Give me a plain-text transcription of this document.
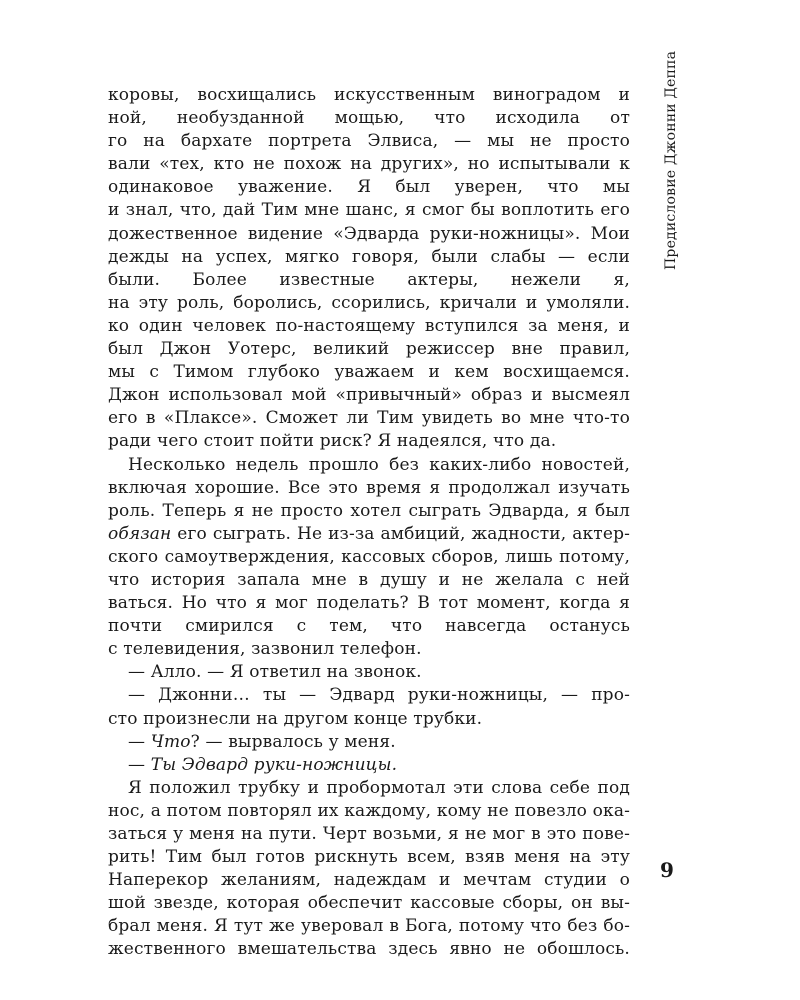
коровы, восхищались искусственным виноградом и
ной, необузданной мощью, что исходила от
го на бархате портрета Элвиса, — мы не просто
вали «тех, кто не похож на других», но испытывали к
одинаковое уважение. Я был уверен, что мы
и знал, что, дай Тим мне шанс, я смог бы воплотить его
дожественное видение «Эдварда руки-ножницы». Мои
дежды на успех, мягко говоря, были слабы — если
были. Более известные актеры, нежели я,
на эту роль, боролись, ссорились, кричали и умоляли.
ко один человек по-настоящему вступился за меня, и
был Джон Уотерс, великий режиссер вне правил,
мы с Тимом глубоко уважаем и кем восхищаемся.
Джон использовал мой «привычный» образ и высмеял
его в «Плаксе». Сможет ли Тим увидеть во мне что-то
ради чего стоит пойти риск? Я надеялся, что да.
Несколько недель прошло без каких-либо новостей,
включая хорошие. Все это время я продолжал изучать
роль. Теперь я не просто хотел сыграть Эдварда, я был
обязан его сыграть. Не из-за амбиций, жадности, актер-
ского самоутверждения, кассовых сборов, лишь потому,
что история запала мне в душу и не желала с ней
ваться. Но что я мог поделать? В тот момент, когда я
почти смирился с тем, что навсегда останусь
с телевидения, зазвонил телефон.
— Алло. — Я ответил на звонок.
— Джонни… ты — Эдвард руки-ножницы, — про-
сто произнесли на другом конце трубки.
— Что? — вырвалось у меня.
— Ты Эдвард руки-ножницы.
Я положил трубку и пробормотал эти слова себе под
нос, а потом повторял их каждому, кому не повезло ока-
заться у меня на пути. Черт возьми, я не мог в это пове-
рить! Тим был готов рискнуть всем, взяв меня на эту
Наперекор желаниям, надеждам и мечтам студии о
шой звезде, которая обеспечит кассовые сборы, он вы-
брал меня. Я тут же уверовал в Бога, потому что без бо-
жественного вмешательства здесь явно не обошлось.
Предисловие Джонни Деппа
9
